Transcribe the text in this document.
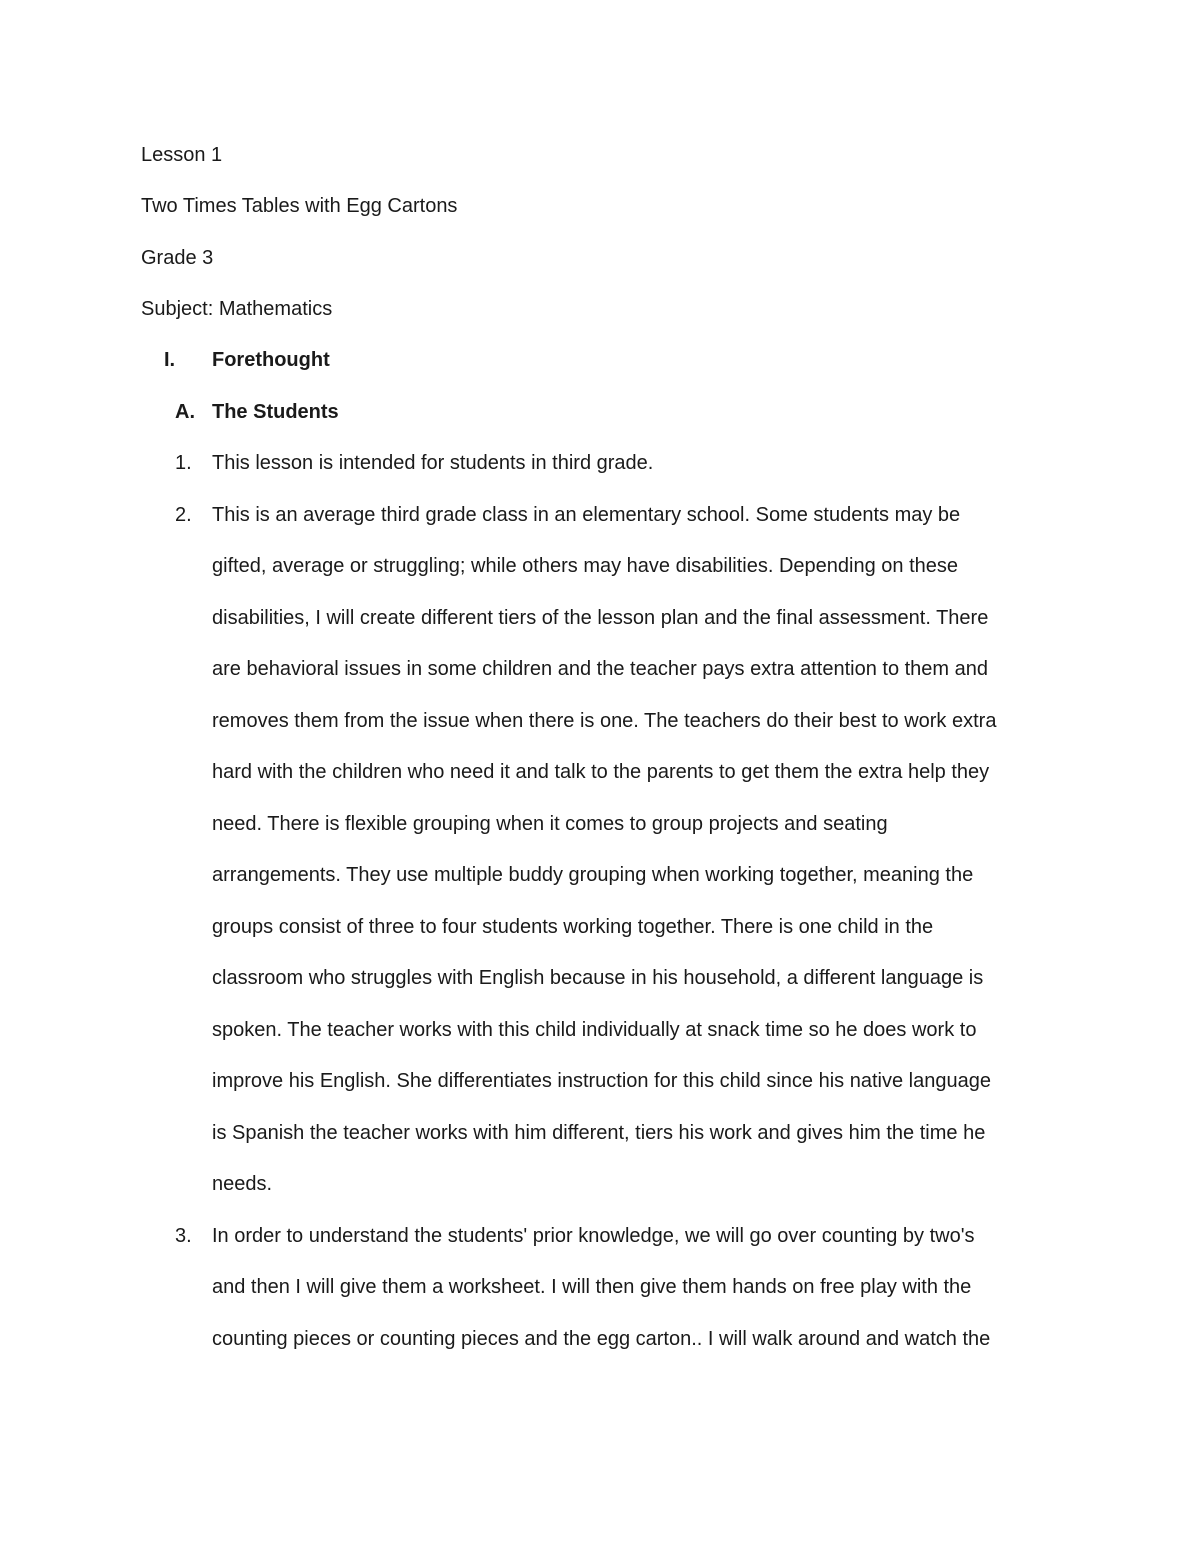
Lesson 1
Two Times Tables with Egg Cartons
Grade 3
Subject: Mathematics
I. Forethought
A. The Students
1. This lesson is intended for students in third grade.
2. This is an average third grade class in an elementary school. Some students may be
gifted, average or struggling; while others may have disabilities. Depending on these
disabilities, I will create different tiers of the lesson plan and the final assessment. There
are behavioral issues in some children and the teacher pays extra attention to them and
removes them from the issue when there is one. The teachers do their best to work extra
hard with the children who need it and talk to the parents to get them the extra help they
need. There is flexible grouping when it comes to group projects and seating
arrangements. They use multiple buddy grouping when working together, meaning the
groups consist of three to four students working together. There is one child in the
classroom who struggles with English because in his household, a different language is
spoken. The teacher works with this child individually at snack time so he does work to
improve his English. She differentiates instruction for this child since his native language
is Spanish the teacher works with him different, tiers his work and gives him the time he
needs.
3. In order to understand the students' prior knowledge, we will go over counting by two's
and then I will give them a worksheet. I will then give them hands on free play with the
counting pieces or counting pieces and the egg carton.. I will walk around and watch the
